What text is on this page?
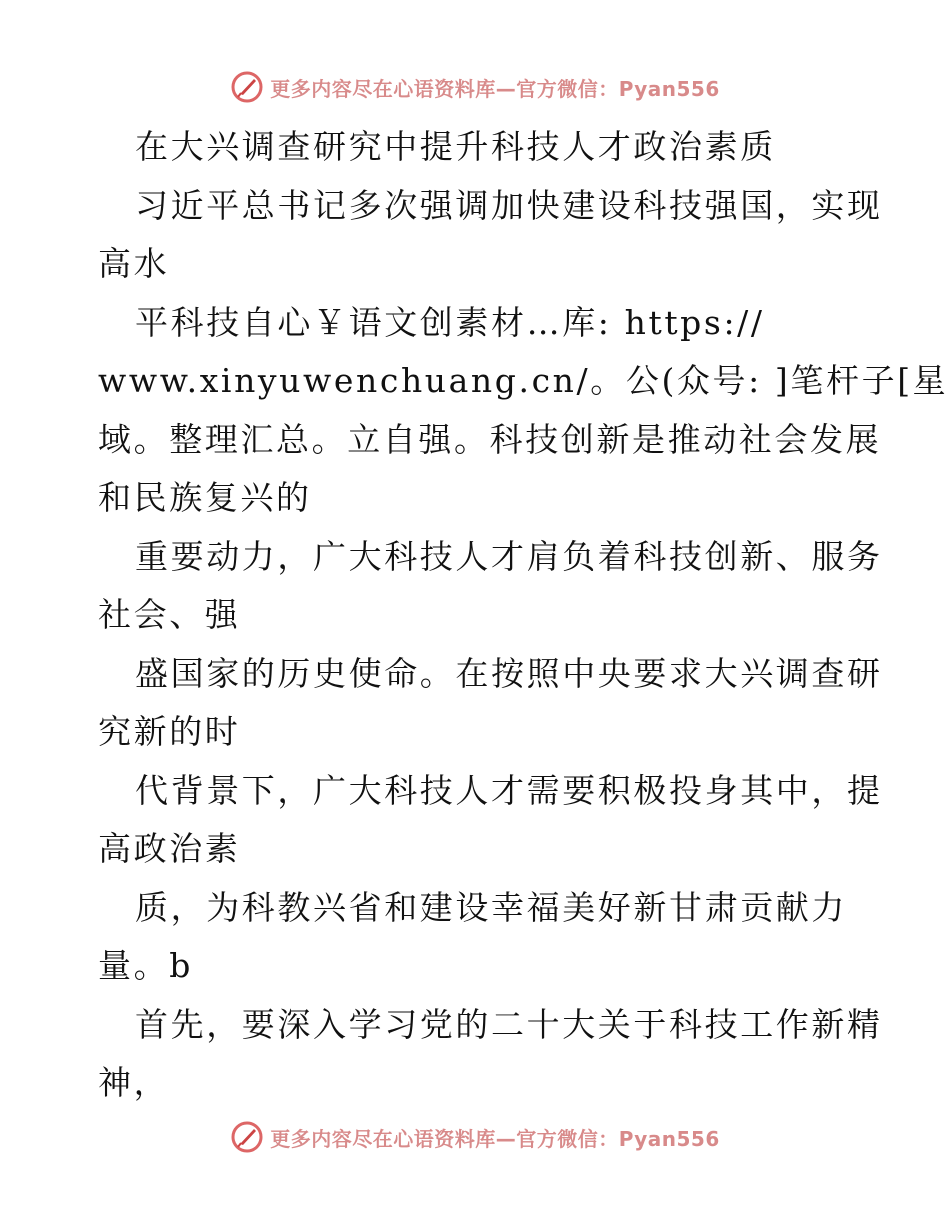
更多内容尽在心语资料库—官方微信：Pyan556
在大兴调查研究中提升科技人才政治素质
习近平总书记多次强调加快建设科技强国，实现
高水
平科技自心￥语文创素材…库: https://
www.xinyuwenchuang.cn/。公(众号: ]笔杆子[星
域。整理汇总。立自强。科技创新是推动社会发展
和民族复兴的
重要动力，广大科技人才肩负着科技创新、服务
社会、强
盛国家的历史使命。在按照中央要求大兴调查研
究新的时
代背景下，广大科技人才需要积极投身其中，提
高政治素
质，为科教兴省和建设幸福美好新甘肃贡献力
量。b
首先，要深入学习党的二十大关于科技工作新精
神，
更多内容尽在心语资料库—官方微信：Pyan556
